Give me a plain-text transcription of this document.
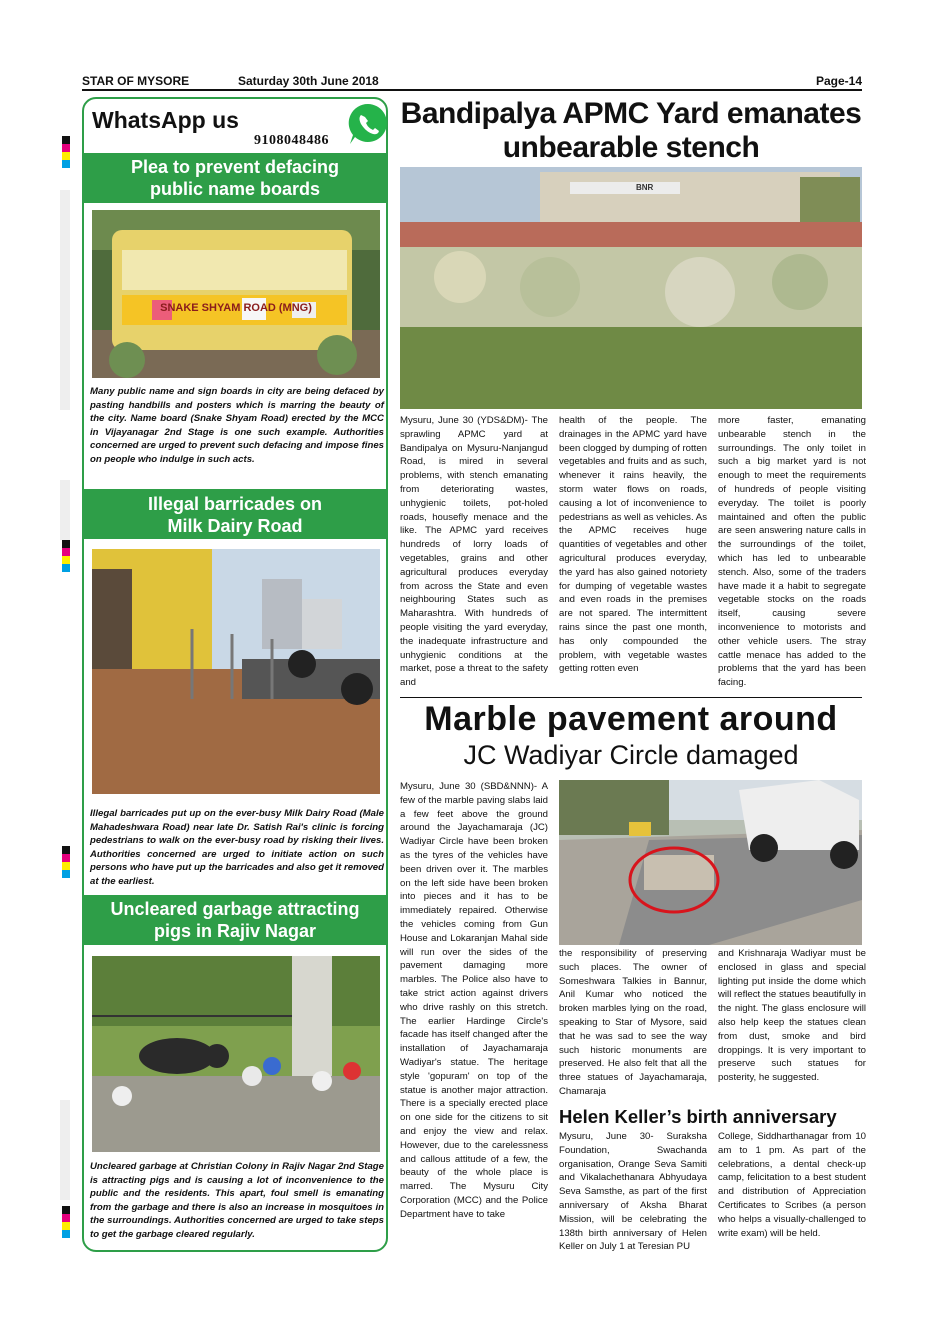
STAR OF MYSORE	Saturday 30th June 2018	Page-14
WhatsApp us
9108048486
Plea to prevent defacing
public name boards
SNAKE SHYAM ROAD (MNG)
Many public name and sign boards in city are being defaced by pasting handbills and posters which is marring the beauty of the city. Name board (Snake Shyam Road) erected by the MCC in Vijayanagar 2nd Stage is one such example. Authorities concerned are urged to prevent such defacing and impose fines on people who indulge in such acts.
Illegal barricades on
Milk Dairy Road
Illegal barricades put up on the ever-busy Milk Dairy Road (Male Mahadeshwara Road) near late Dr. Satish Rai's clinic is forcing pedestrians to walk on the ever-busy road by risking their lives. Authorities concerned are urged to initiate action on such persons who have put up the barricades and also get it removed at the earliest.
Uncleared garbage attracting
pigs in Rajiv Nagar
Uncleared garbage at Christian Colony in Rajiv Nagar 2nd Stage is attracting pigs and is causing a lot of inconvenience to the public and the residents. This apart, foul smell is emanating from the garbage and there is also an increase in mosquitoes in the surroundings. Authorities concerned are urged to take steps to get the garbage cleared regularly.
Bandipalya APMC Yard emanates
unbearable stench
BNR
Mysuru, June 30 (YDS&DM)- The sprawling APMC yard at Bandipalya on Mysuru-Nanjangud Road, is mired in several problems, with stench emanating from deteriorating wastes, unhygienic toilets, pot-holed roads, housefly menace and the like. The APMC yard receives hundreds of lorry loads of vegetables, grains and other agricultural produces everyday from across the State and even neighbouring States such as Maharashtra. With hundreds of people visiting the yard everyday, the inadequate infrastructure and unhygienic conditions at the market, pose a threat to the safety and
health of the people. The drainages in the APMC yard have been clogged by dumping of rotten vegetables and fruits and as such, whenever it rains heavily, the storm water flows on roads, causing a lot of inconvenience to pedestrians as well as vehicles. As the APMC receives huge quantities of vegetables and other agricultural produces everyday, the yard has also gained notoriety for dumping of vegetable wastes and even roads in the premises are not spared. The intermittent rains since the past one month, has only compounded the problem, with vegetable wastes getting rotten even
more faster, emanating unbearable stench in the surroundings. The only toilet in such a big market yard is not enough to meet the requirements of hundreds of people visiting everyday. The toilet is poorly maintained and often the public are seen answering nature calls in the surroundings of the toilet, which has led to unbearable stench. Also, some of the traders have made it a habit to segregate vegetable stocks on the roads itself, causing severe inconvenience to motorists and other vehicle users. The stray cattle menace has added to the problems that the yard has been facing.
Marble pavement around
JC Wadiyar Circle damaged
Mysuru, June 30 (SBD&NNN)- A few of the marble paving slabs laid a few feet above the ground around the Jayachamaraja (JC) Wadiyar Circle have been broken as the tyres of the vehicles have been driven over it. The marbles on the left side have been broken into pieces and it has to be immediately repaired. Otherwise the vehicles coming from Gun House and Lokaranjan Mahal side will run over the sides of the pavement damaging more marbles. The Police also have to take strict action against drivers who drive rashly on this stretch. The earlier Hardinge Circle's facade has itself changed after the installation of Jayachamaraja Wadiyar's statue. The heritage style 'gopuram' on top of the statue is another major attraction. There is a specially erected place on one side for the citizens to sit and enjoy the view and relax. However, due to the carelessness and callous attitude of a few, the beauty of the whole place is marred. The Mysuru City Corporation (MCC) and the Police Department have to take
the responsibility of preserving such places. The owner of Someshwara Talkies in Bannur, Anil Kumar who noticed the broken marbles lying on the road, speaking to Star of Mysore, said that he was sad to see the way such historic monuments are preserved. He also felt that all the three statues of Jayachamaraja, Chamaraja
and Krishnaraja Wadiyar must be enclosed in glass and special lighting put inside the dome which will reflect the statues beautifully in the night. The glass enclosure will also help keep the statues clean from dust, smoke and bird droppings. It is very important to preserve such statues for posterity, he suggested.
Helen Keller’s birth anniversary
Mysuru, June 30- Suraksha Foundation, Swachanda organisation, Orange Seva Samiti and Vikalachethanara Abhyudaya Seva Samsthe, as part of the first anniversary of Aksha Bharat Mission, will be celebrating the 138th birth anniversary of Helen Keller on July 1 at Teresian PU
College, Siddharthanagar from 10 am to 1 pm. As part of the celebrations, a dental check-up camp, felicitation to a best student and distribution of Appreciation Certificates to Scribes (a person who helps a visually-challenged to write exam) will be held.
